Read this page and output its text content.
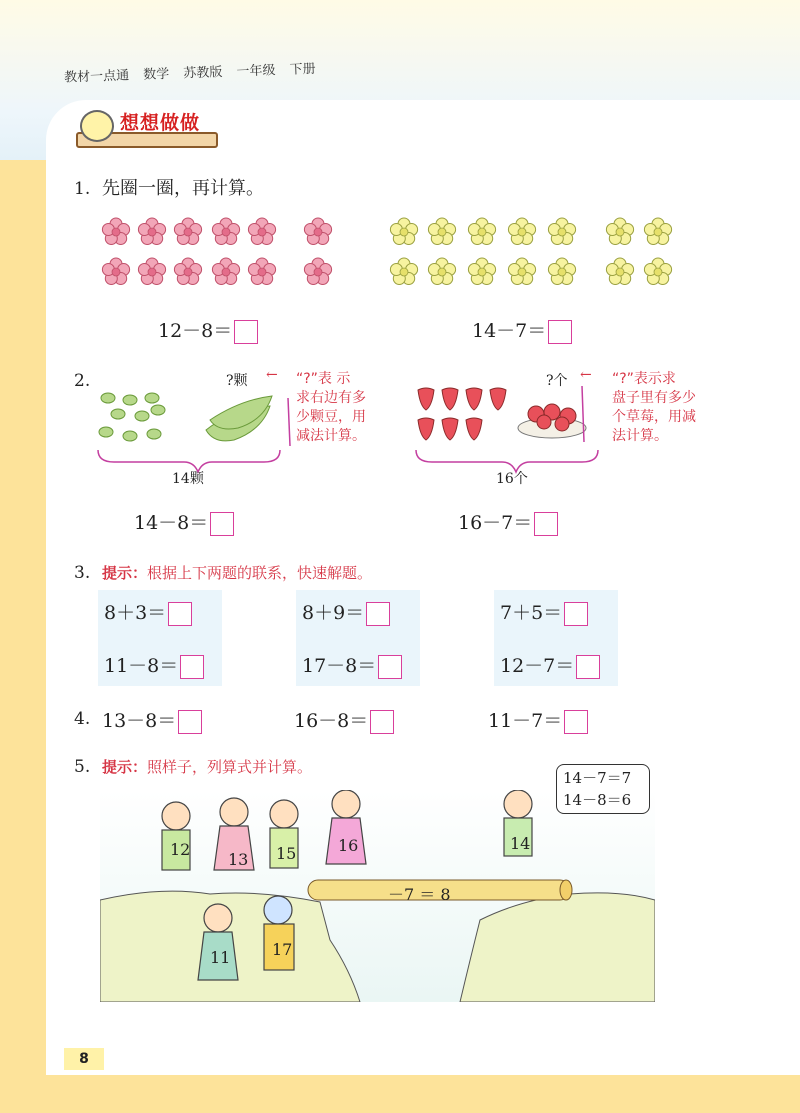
教材一点通 数学 苏教版 一年级 下册
想想做做
1. 先圈一圈，再计算。
12－8＝	14－7＝
2.	?颗 ← “?”表 示
求右边有多
少颗豆，用
减法计算。
14颗
?个 ← “?”表示求
盘子里有多少
个草莓，用减
法计算。
16个
14－8＝	16－7＝
3. 提示：根据上下两题的联系，快速解题。
8＋3＝	8＋9＝	7＋5＝
11－8＝	17－8＝	12－7＝
4. 13－8＝	16－8＝	11－7＝
5. 提示：照样子，列算式并计算。
12
13 15	16	14
11	17
－7 ＝ 8
14－7＝7
14－8＝6
8
